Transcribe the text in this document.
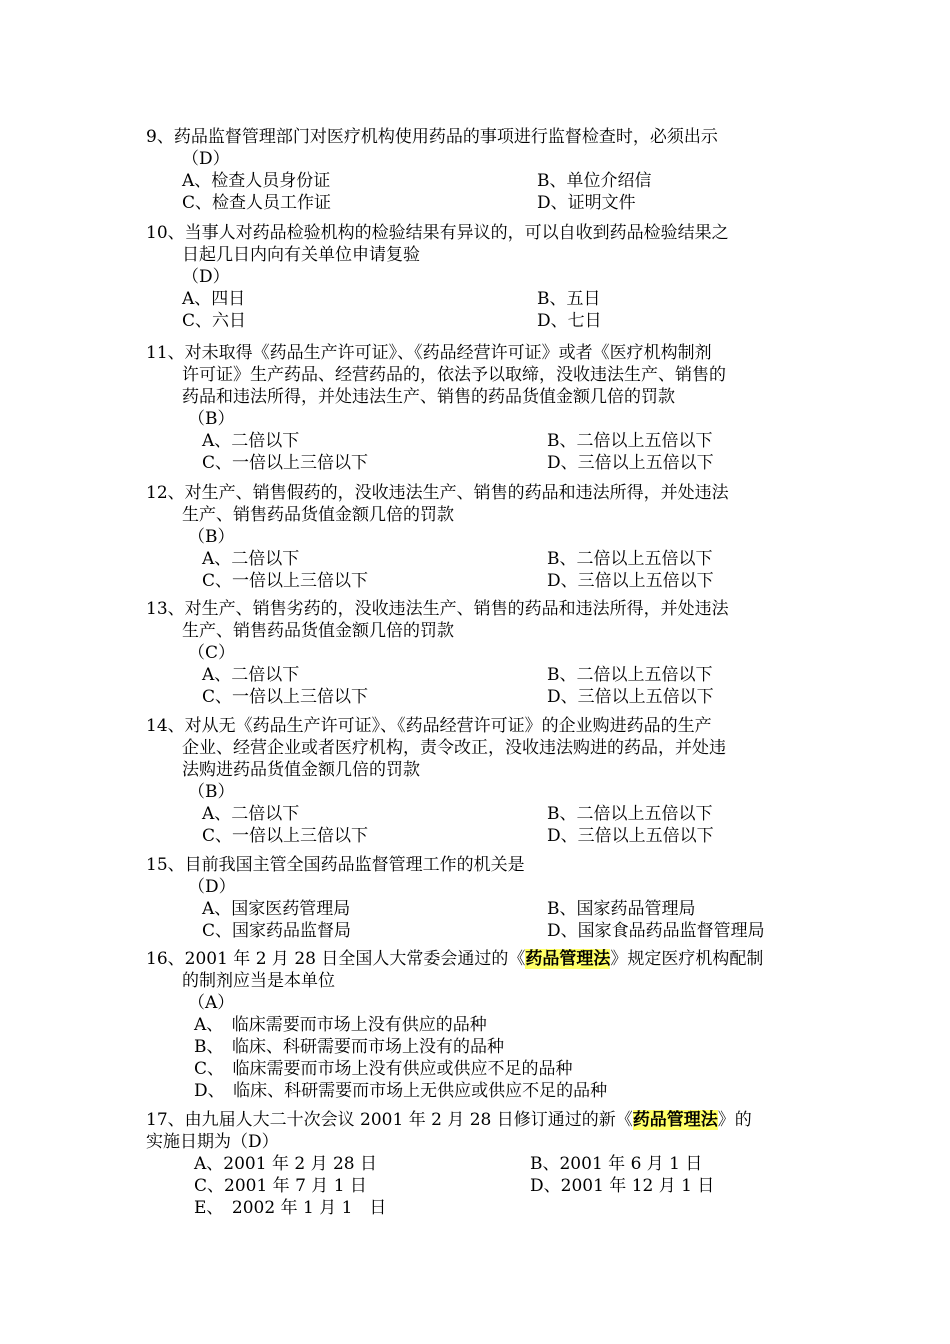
9、药品监督管理部门对医疗机构使用药品的事项进行监督检查时，必须出示
（D）
A、检查人员身份证	B、单位介绍信
C、检查人员工作证	D、证明文件
10、当事人对药品检验机构的检验结果有异议的，可以自收到药品检验结果之
日起几日内向有关单位申请复验
（D）
A、四日	B、五日
C、六日	D、七日
11、对未取得《药品生产许可证》、《药品经营许可证》或者《医疗机构制剂
许可证》生产药品、经营药品的，依法予以取缔，没收违法生产、销售的
药品和违法所得，并处违法生产、销售的药品货值金额几倍的罚款
（B）
A、二倍以下	B、二倍以上五倍以下
C、一倍以上三倍以下	D、三倍以上五倍以下
12、对生产、销售假药的，没收违法生产、销售的药品和违法所得，并处违法
生产、销售药品货值金额几倍的罚款
（B）
A、二倍以下	B、二倍以上五倍以下
C、一倍以上三倍以下	D、三倍以上五倍以下
13、对生产、销售劣药的，没收违法生产、销售的药品和违法所得，并处违法
生产、销售药品货值金额几倍的罚款
（C）
A、二倍以下	B、二倍以上五倍以下
C、一倍以上三倍以下	D、三倍以上五倍以下
14、对从无《药品生产许可证》、《药品经营许可证》的企业购进药品的生产
企业、经营企业或者医疗机构，责令改正，没收违法购进的药品，并处违
法购进药品货值金额几倍的罚款
（B）
A、二倍以下	B、二倍以上五倍以下
C、一倍以上三倍以下	D、三倍以上五倍以下
15、目前我国主管全国药品监督管理工作的机关是
（D）
A、国家医药管理局	B、国家药品管理局
C、国家药品监督局	D、国家食品药品监督管理局
16、2001 年 2 月 28 日全国人大常委会通过的《药品管理法》规定医疗机构配制
的制剂应当是本单位
（A）
A、　临床需要而市场上没有供应的品种
B、　临床、科研需要而市场上没有的品种
C、　临床需要而市场上没有供应或供应不足的品种
D、　临床、科研需要而市场上无供应或供应不足的品种
17、由九届人大二十次会议 2001 年 2 月 28 日修订通过的新《药品管理法》的
实施日期为（D）
A、2001 年 2 月 28 日	B、2001 年 6 月 1 日
C、2001 年 7 月 1 日	D、2001 年 12 月 1 日
E、　2002 年 1 月 1　日
